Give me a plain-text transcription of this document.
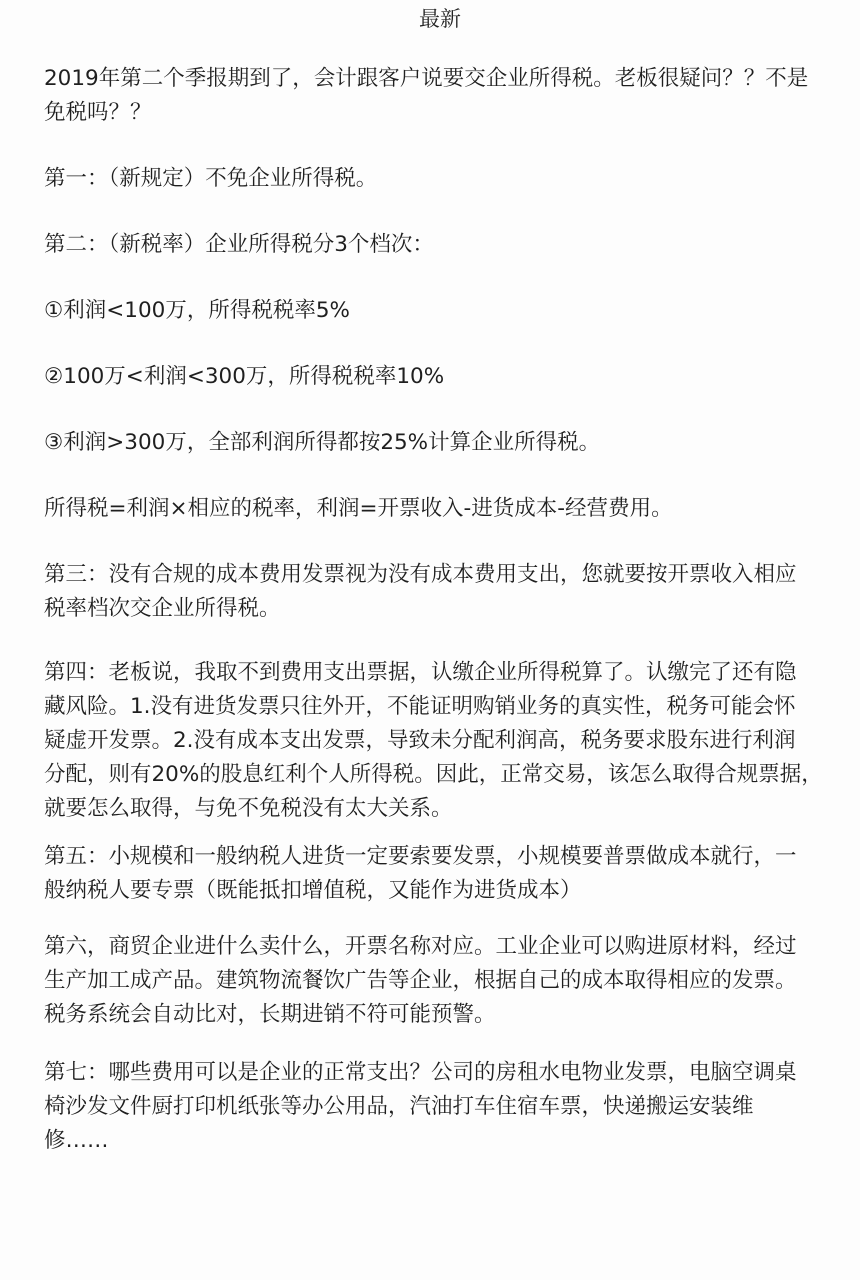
最新

2019年第二个季报期到了，会计跟客户说要交企业所得税。老板很疑问？？不是
免税吗？？

第一：（新规定）不免企业所得税。

第二：（新税率）企业所得税分3个档次：

①利润<100万，所得税税率5%

②100万<利润<300万，所得税税率10%

③利润>300万，全部利润所得都按25%计算企业所得税。

所得税=利润×相应的税率，利润=开票收入-进货成本-经营费用。

第三：没有合规的成本费用发票视为没有成本费用支出，您就要按开票收入相应
税率档次交企业所得税。

第四：老板说，我取不到费用支出票据，认缴企业所得税算了。认缴完了还有隐
藏风险。1.没有进货发票只往外开，不能证明购销业务的真实性，税务可能会怀
疑虚开发票。2.没有成本支出发票，导致未分配利润高，税务要求股东进行利润
分配，则有20%的股息红利个人所得税。因此，正常交易，该怎么取得合规票据，
就要怎么取得，与免不免税没有太大关系。

第五：小规模和一般纳税人进货一定要索要发票，小规模要普票做成本就行，一
般纳税人要专票（既能抵扣增值税，又能作为进货成本）

第六，商贸企业进什么卖什么，开票名称对应。工业企业可以购进原材料，经过
生产加工成产品。建筑物流餐饮广告等企业，根据自己的成本取得相应的发票。
税务系统会自动比对，长期进销不符可能预警。

第七：哪些费用可以是企业的正常支出？公司的房租水电物业发票，电脑空调桌
椅沙发文件厨打印机纸张等办公用品，汽油打车住宿车票，快递搬运安装维
修……
